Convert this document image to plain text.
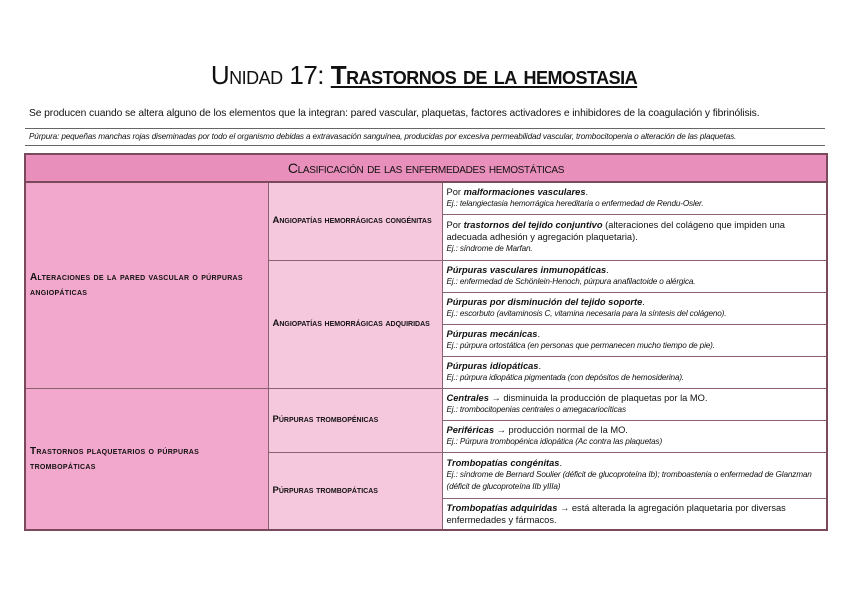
Unidad 17: Trastornos de la hemostasia
Se producen cuando se altera alguno de los elementos que la integran: pared vascular, plaquetas, factores activadores e inhibidores de la coagulación y fibrinólisis.
Púrpura: pequeñas manchas rojas diseminadas por todo el organismo debidas a extravasación sanguínea, producidas por excesiva permeabilidad vascular, trombocitopenia o alteración de las plaquetas.
Clasificación de las enfermedades hemostáticas		
Alteraciones de la pared vascular o púrpuras angiopáticas	Angiopatías hemorrágicas congénitas	Por malformaciones vasculares.
Ej.: telangiectasia hemorrágica hereditaria o enfermedad de Rendu-Osler.

		Por trastornos del tejido conjuntivo (alteraciones del colágeno que impiden una adecuada adhesión y agregación plaquetaria).
Ej.: síndrome de Marfan.

	Angiopatías hemorrágicas adquiridas	Púrpuras vasculares inmunopáticas.
Ej.: enfermedad de Schönlein-Henoch, púrpura anafilactoide o alérgica.

		Púrpuras por disminución del tejido soporte.
Ej.: escorbuto (avitaminosis C, vitamina necesaria para la síntesis del colágeno).

		Púrpuras mecánicas.
Ej.: púrpura ortostática (en personas que permanecen mucho tiempo de pie).

		Púrpuras idiopáticas.
Ej.: púrpura idiopática pigmentada (con depósitos de hemosiderina).

Trastornos plaquetarios o púrpuras trombopáticas	Púrpuras trombopénicas	Centrales → disminuida la producción de plaquetas por la MO.
Ej.: trombocitopenias centrales o amegacariocíticas

		Periféricas → producción normal de la MO.
Ej.: Púrpura trombopénica idiopática (Ac contra las plaquetas)

	Púrpuras trombopáticas	Trombopatías congénitas.
Ej.: síndrome de Bernard Soulier (déficit de glucoproteína Ib); tromboastenia o enfermedad de Glanzman (déficit de glucoproteína IIb yIIIa)

		Trombopatías adquiridas → está alterada la agregación plaquetaria por diversas enfermedades y fármacos.
